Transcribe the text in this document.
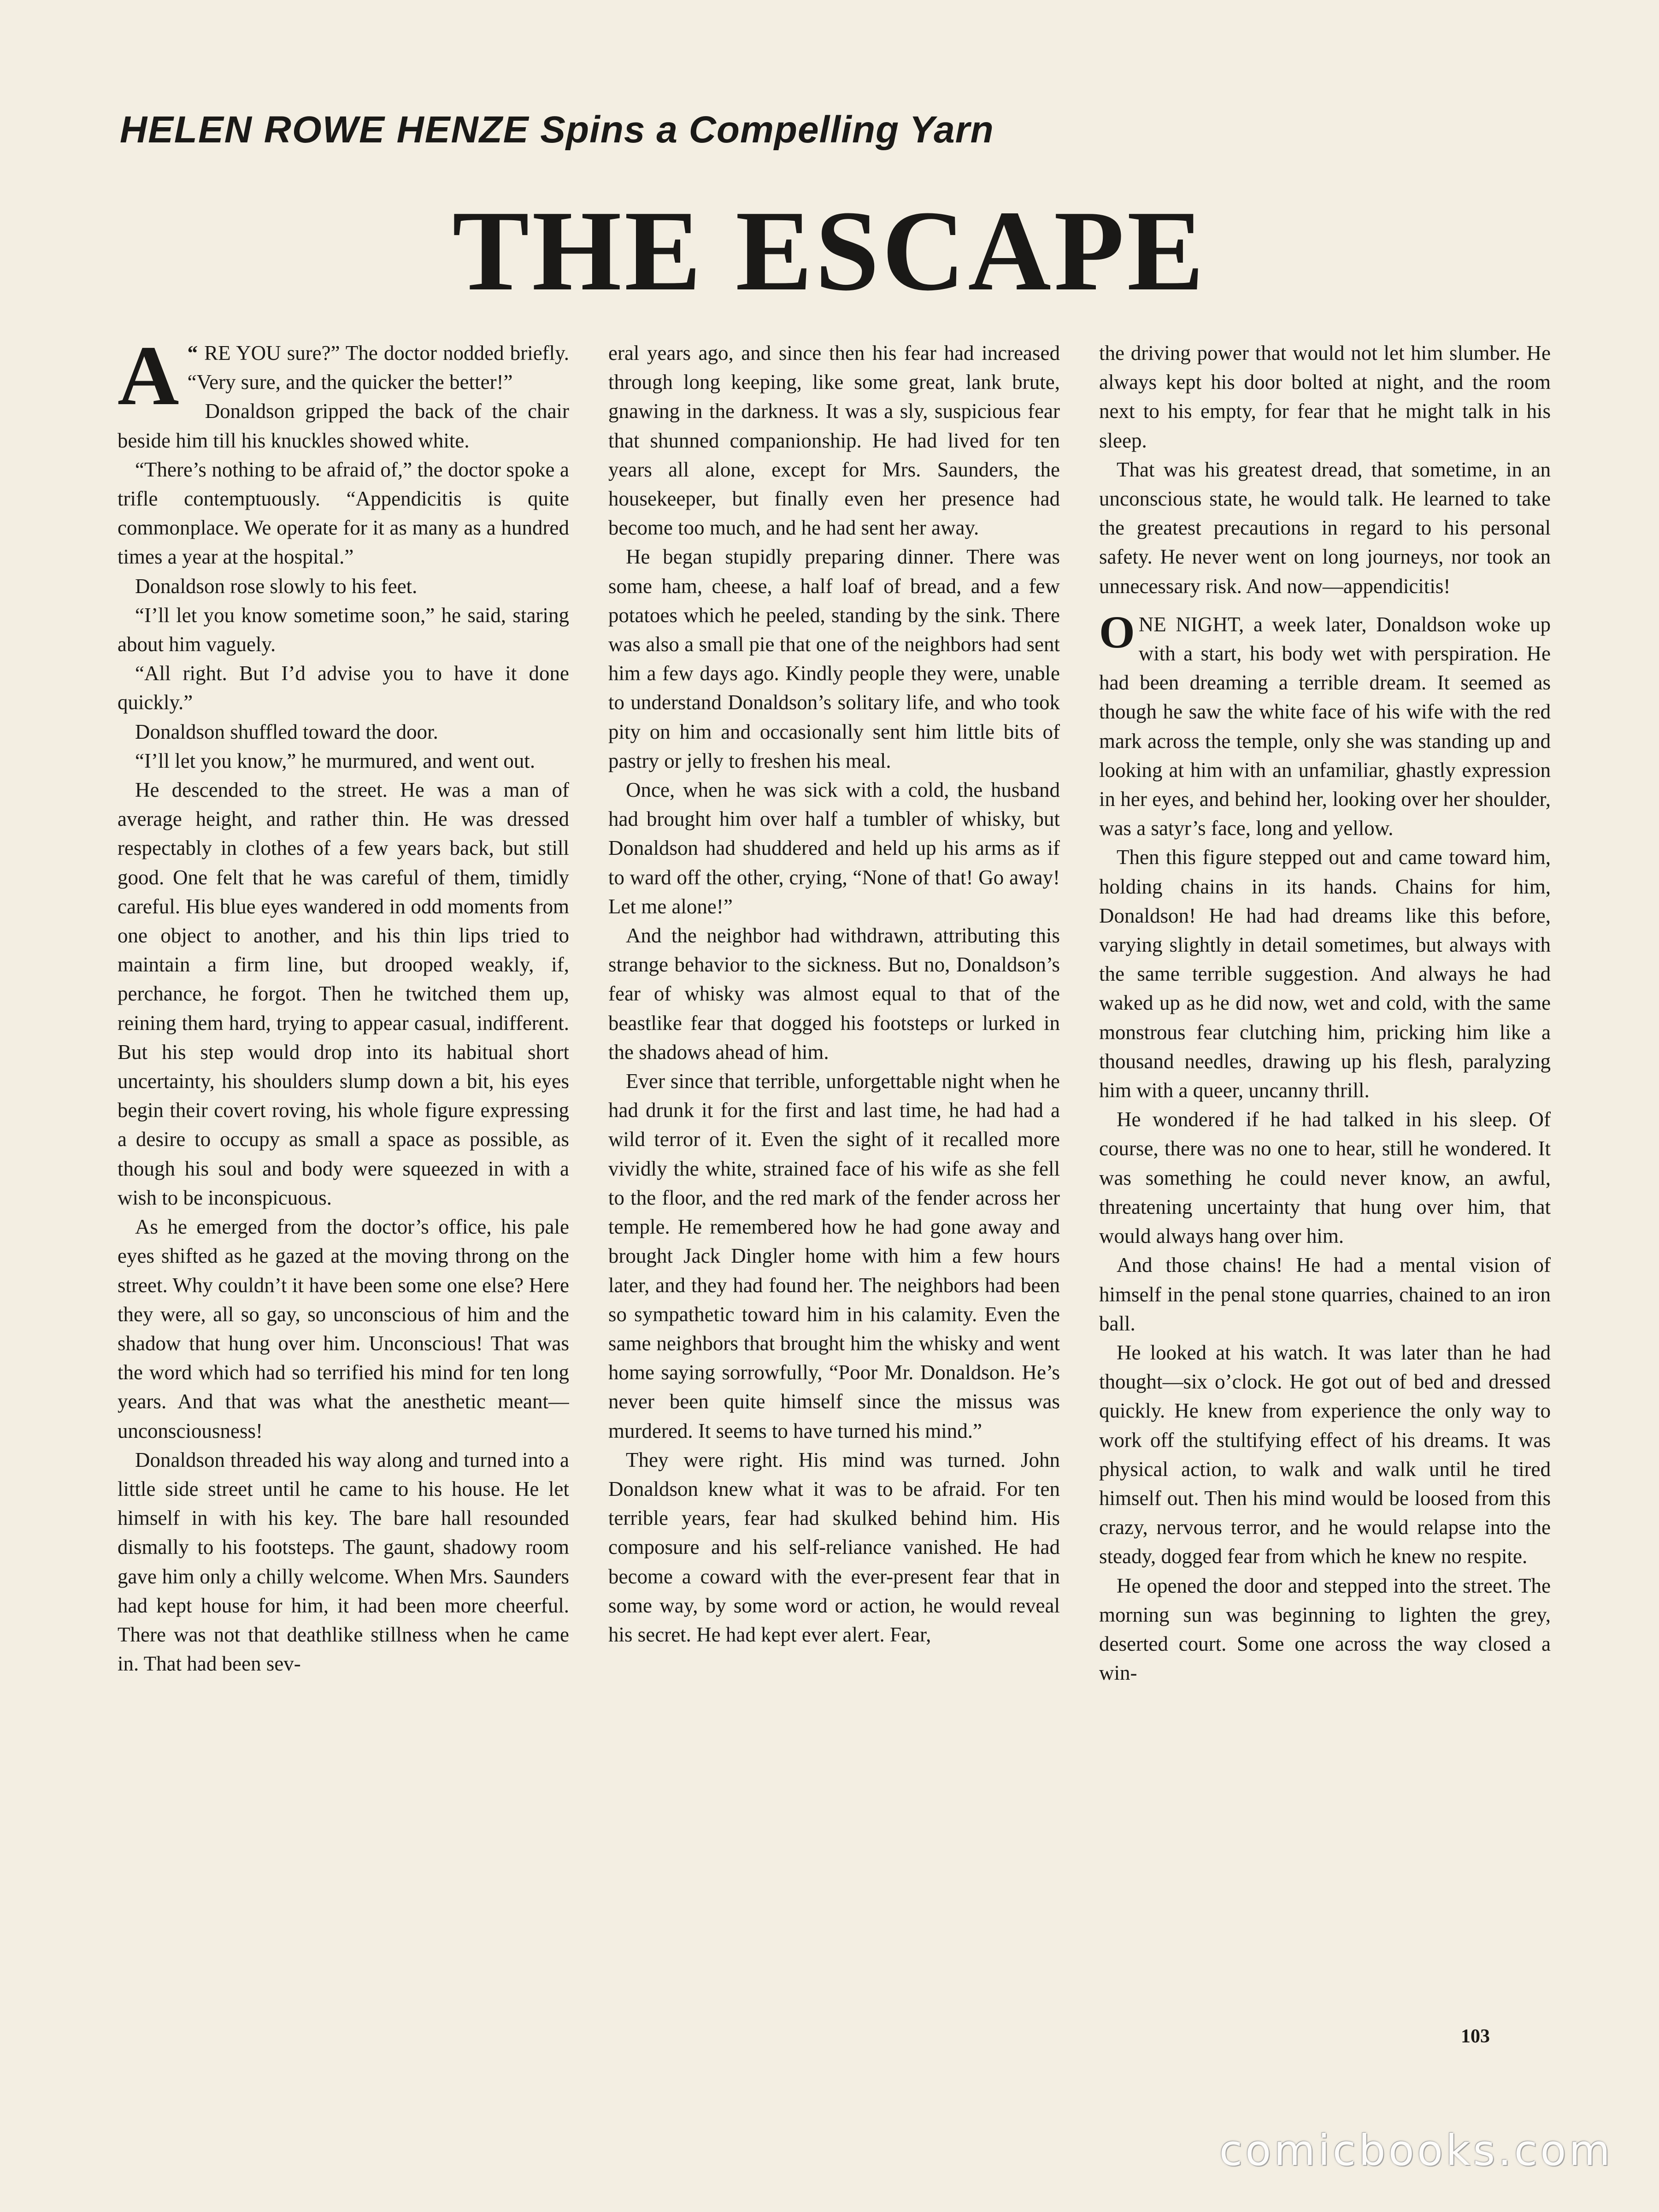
HELEN ROWE HENZE Spins a Compelling Yarn
THE ESCAPE

“
A RE YOU sure?” The doctor nodded briefly. “Very sure, and the quicker the better!”

Donaldson gripped the back of the chair beside him till his knuckles showed white.

“There’s nothing to be afraid of,” the doctor spoke a trifle contemptuously. “Appendicitis is quite commonplace. We operate for it as many as a hundred times a year at the hospital.”

Donaldson rose slowly to his feet.

“I’ll let you know sometime soon,” he said, staring about him vaguely.

“All right. But I’d advise you to have it done quickly.”

Donaldson shuffled toward the door.

“I’ll let you know,” he murmured, and went out.

He descended to the street. He was a man of average height, and rather thin. He was dressed respectably in clothes of a few years back, but still good. One felt that he was careful of them, timidly careful. His blue eyes wandered in odd moments from one object to another, and his thin lips tried to maintain a firm line, but drooped weakly, if, perchance, he forgot. Then he twitched them up, reining them hard, trying to appear casual, indifferent. But his step would drop into its habitual short uncertainty, his shoulders slump down a bit, his eyes begin their covert roving, his whole figure expressing a desire to occupy as small a space as possible, as though his soul and body were squeezed in with a wish to be inconspicuous.

As he emerged from the doctor’s office, his pale eyes shifted as he gazed at the moving throng on the street. Why couldn’t it have been some one else? Here they were, all so gay, so unconscious of him and the shadow that hung over him. Unconscious! That was the word which had so terrified his mind for ten long years. And that was what the anesthetic meant—unconsciousness!

Donaldson threaded his way along and turned into a little side street until he came to his house. He let himself in with his key. The bare hall resounded dismally to his footsteps. The gaunt, shadowy room gave him only a chilly welcome. When Mrs. Saunders had kept house for him, it had been more cheerful. There was not that deathlike stillness when he came in. That had been sev-

eral years ago, and since then his fear had increased through long keeping, like some great, lank brute, gnawing in the darkness. It was a sly, suspicious fear that shunned companionship. He had lived for ten years all alone, except for Mrs. Saunders, the housekeeper, but finally even her presence had become too much, and he had sent her away.

He began stupidly preparing dinner. There was some ham, cheese, a half loaf of bread, and a few potatoes which he peeled, standing by the sink. There was also a small pie that one of the neighbors had sent him a few days ago. Kindly people they were, unable to understand Donaldson’s solitary life, and who took pity on him and occasionally sent him little bits of pastry or jelly to freshen his meal.

Once, when he was sick with a cold, the husband had brought him over half a tumbler of whisky, but Donaldson had shuddered and held up his arms as if to ward off the other, crying, “None of that! Go away! Let me alone!”

And the neighbor had withdrawn, attributing this strange behavior to the sickness. But no, Donaldson’s fear of whisky was almost equal to that of the beastlike fear that dogged his footsteps or lurked in the shadows ahead of him.

Ever since that terrible, unforgettable night when he had drunk it for the first and last time, he had had a wild terror of it. Even the sight of it recalled more vividly the white, strained face of his wife as she fell to the floor, and the red mark of the fender across her temple. He remembered how he had gone away and brought Jack Dingler home with him a few hours later, and they had found her. The neighbors had been so sympathetic toward him in his calamity. Even the same neighbors that brought him the whisky and went home saying sorrowfully, “Poor Mr. Donaldson. He’s never been quite himself since the missus was murdered. It seems to have turned his mind.”

They were right. His mind was turned. John Donaldson knew what it was to be afraid. For ten terrible years, fear had skulked behind him. His composure and his self-reliance vanished. He had become a coward with the ever-present fear that in some way, by some word or action, he would reveal his secret. He had kept ever alert. Fear,

the driving power that would not let him slumber. He always kept his door bolted at night, and the room next to his empty, for fear that he might talk in his sleep.

That was his greatest dread, that sometime, in an unconscious state, he would talk. He learned to take the greatest precautions in regard to his personal safety. He never went on long journeys, nor took an unnecessary risk. And now—appendicitis!

ONE NIGHT, a week later, Donaldson woke up with a start, his body wet with perspiration. He had been dreaming a terrible dream. It seemed as though he saw the white face of his wife with the red mark across the temple, only she was standing up and looking at him with an unfamiliar, ghastly expression in her eyes, and behind her, looking over her shoulder, was a satyr’s face, long and yellow.

Then this figure stepped out and came toward him, holding chains in its hands. Chains for him, Donaldson! He had had dreams like this before, varying slightly in detail sometimes, but always with the same terrible suggestion. And always he had waked up as he did now, wet and cold, with the same monstrous fear clutching him, pricking him like a thousand needles, drawing up his flesh, paralyzing him with a queer, uncanny thrill.

He wondered if he had talked in his sleep. Of course, there was no one to hear, still he wondered. It was something he could never know, an awful, threatening uncertainty that hung over him, that would always hang over him.

And those chains! He had a mental vision of himself in the penal stone quarries, chained to an iron ball.

He looked at his watch. It was later than he had thought—six o’clock. He got out of bed and dressed quickly. He knew from experience the only way to work off the stultifying effect of his dreams. It was physical action, to walk and walk until he tired himself out. Then his mind would be loosed from this crazy, nervous terror, and he would relapse into the steady, dogged fear from which he knew no respite.

He opened the door and stepped into the street. The morning sun was beginning to lighten the grey, deserted court. Some one across the way closed a win-

103
comicbooks.com
